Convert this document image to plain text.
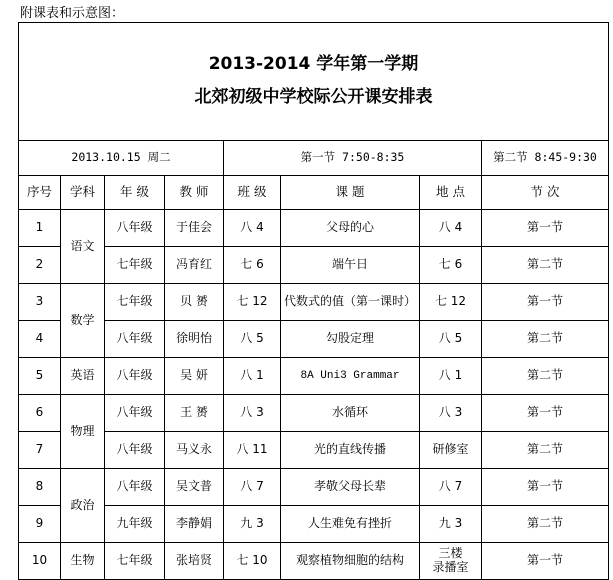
附课表和示意图：
2013-2014 学年第一学期
北郊初级中学校际公开课安排表							

2013.10.15 周二				第一节 7:50-8:35			第二节 8:45-9:30
序号	学科	年 级	教 师	班 级	课 题	地 点	节 次
1	语文	八年级	于佳会	八 4	父母的心	八 4	第一节
2		七年级	冯育红	七 6	端午日	七 6	第二节
3	数学	七年级	贝 赟	七 12	代数式的值（第一课时）	七 12	第一节
4		八年级	徐明怡	八 5	勾股定理	八 5	第二节
5	英语	八年级	吴 妍	八 1	8A Uni3 Grammar	八 1	第二节
6	物理	八年级	王 赟	八 3	水循环	八 3	第一节
7		八年级	马义永	八 11	光的直线传播	研修室	第二节
8	政治	八年级	吴文普	八 7	孝敬父母长辈	八 7	第一节
9		九年级	李静娟	九 3	人生难免有挫折	九 3	第二节
10	生物	七年级	张培贤	七 10	观察植物细胞的结构	三楼 录播室	第一节
